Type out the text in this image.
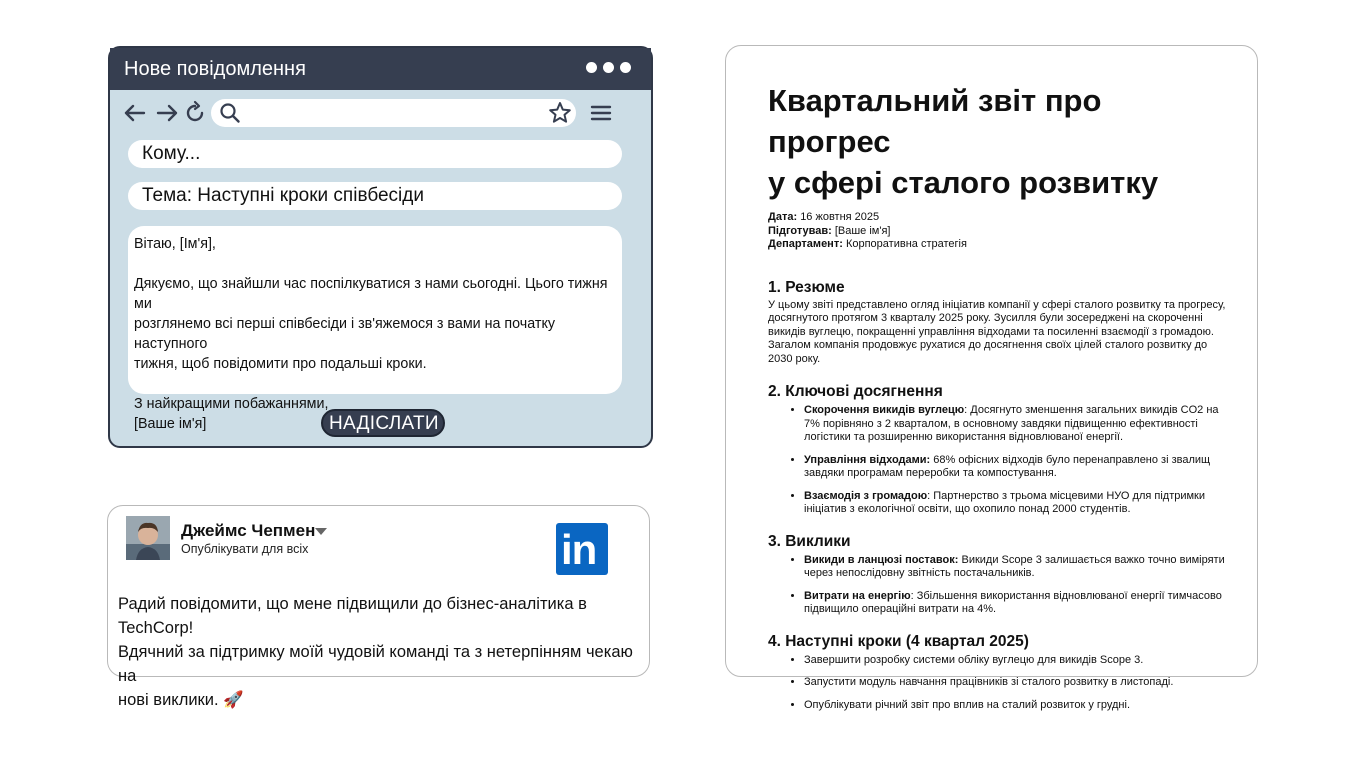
Нове повідомлення
Кому...
Тема: Наступні кроки співбесіди

Вітаю, [Ім'я],

Дякуємо, що знайшли час поспілкуватися з нами сьогодні. Цього тижня ми

розглянемо всі перші співбесіди і зв'яжемося з вами на початку наступного

тижня, щоб повідомити про подальші кроки.

З найкращими побажаннями,

[Ваше ім'я]	НАДІСЛАТИ
Джеймс Чепмен
Опублікувати для всіх	in
Радий повідомити, що мене підвищили до бізнес-аналітика в TechCorp!
Вдячний за підтримку моїй чудовій команді та з нетерпінням чекаю на
нові виклики. 🚀
Квартальний звіт про прогрес
у сфері сталого розвитку
Дата: 16 жовтня 2025
Підготував: [Ваше ім'я]
Департамент: Корпоративна стратегія
1. Резюме

У цьому звіті представлено огляд ініціатив компанії у сфері сталого розвитку та прогресу, досягнутого протягом 3 кварталу 2025 року. Зусилля були зосереджені на скороченні викидів вуглецю, покращенні управління відходами та посиленні взаємодії з громадою. Загалом компанія продовжує рухатися до досягнення своїх цілей сталого розвитку до 2030 року.

2. Ключові досягнення
• Скорочення викидів вуглецю: Досягнуто зменшення загальних викидів CO2 на 7% порівняно з 2 кварталом, в основному завдяки підвищенню ефективності логістики та розширенню використання відновлюваної енергії.
• Управління відходами: 68% офісних відходів було перенаправлено зі звалищ завдяки програмам переробки та компостування.
• Взаємодія з громадою: Партнерство з трьома місцевими НУО для підтримки ініціатив з екологічної освіти, що охопило понад 2000 студентів.
3. Виклики
• Викиди в ланцюзі поставок: Викиди Scope 3 залишається важко точно виміряти через непослідовну звітність постачальників.
• Витрати на енергію: Збільшення використання відновлюваної енергії тимчасово підвищило операційні витрати на 4%.
4. Наступні кроки (4 квартал 2025)
• Завершити розробку системи обліку вуглецю для викидів Scope 3.
• Запустити модуль навчання працівників зі сталого розвитку в листопаді.
• Опублікувати річний звіт про вплив на сталий розвиток у грудні.
